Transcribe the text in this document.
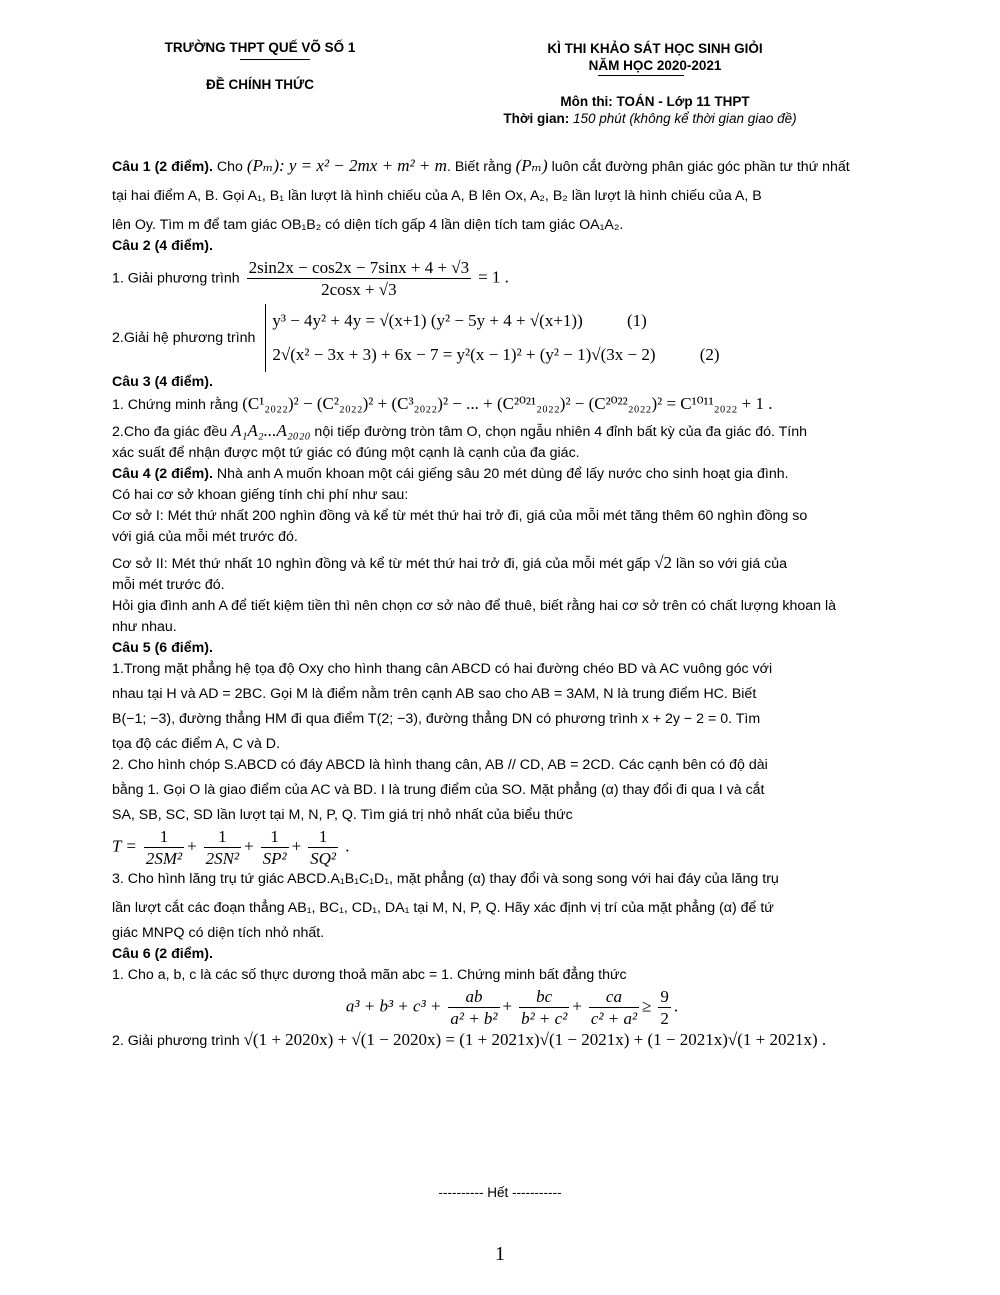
TRƯỜNG THPT QUẾ VÕ SỐ 1
ĐỀ CHÍNH THỨC
KÌ THI KHẢO SÁT HỌC SINH GIỎI
NĂM HỌC 2020-2021
Môn thi: TOÁN - Lớp 11 THPT
Thời gian: 150 phút (không kể thời gian giao đề)
Câu 1 (2 điểm). Cho (Pₘ): y = x² − 2mx + m² + m. Biết rằng (Pₘ) luôn cắt đường phân giác góc phần tư thứ nhất
tại hai điểm A, B. Gọi A₁, B₁ lần lượt là hình chiếu của A, B lên Ox, A₂, B₂ lần lượt là hình chiếu của A, B
lên Oy. Tìm m để tam giác OB₁B₂ có diện tích gấp 4 lần diện tích tam giác OA₁A₂.
Câu 2 (4 điểm).
1. Giải phương trình $\frac{2\sin 2x - \cos 2x - 7\sin x + 4 + √3}{2\cos x + √3} = 1$ .
2.Giải hệ phương trình
y³ − 4y² + 4y = √(x+1) (y² − 5y + 4 + √(x+1))	(1)
2√(x² − 3x + 3) + 6x − 7 = y²(x − 1)² + (y² − 1)√(3x − 2)	(2)
Câu 3 (4 điểm).
1. Chứng minh rằng (C¹₂₀₂₂)² − (C²₂₀₂₂)² + (C³₂₀₂₂)² − ... + (C²⁰²¹₂₀₂₂)² − (C²⁰²²₂₀₂₂)² = C¹⁰¹¹₂₀₂₂ + 1 .
2.Cho đa giác đều A₁A₂...A₂₀₂₀ nội tiếp đường tròn tâm O, chọn ngẫu nhiên 4 đỉnh bất kỳ của đa giác đó. Tính
xác suất để nhận được một tứ giác có đúng một cạnh là cạnh của đa giác.
Câu 4 (2 điểm). Nhà anh A muốn khoan một cái giếng sâu 20 mét dùng để lấy nước cho sinh hoạt gia đình.
Có hai cơ sở khoan giếng tính chi phí như sau:
Cơ sở I: Mét thứ nhất 200 nghìn đồng và kể từ mét thứ hai trở đi, giá của mỗi mét tăng thêm 60 nghìn đồng so
với giá của mỗi mét trước đó.
Cơ sở II: Mét thứ nhất 10 nghìn đồng và kể từ mét thứ hai trở đi, giá của mỗi mét gấp √2 lần so với giá của
mỗi mét trước đó.
Hỏi gia đình anh A để tiết kiệm tiền thì nên chọn cơ sở nào để thuê, biết rằng hai cơ sở trên có chất lượng khoan là
như nhau.
Câu 5 (6 điểm).
1.Trong mặt phẳng hệ tọa độ Oxy cho hình thang cân ABCD có hai đường chéo BD và AC vuông góc với
nhau tại H và AD = 2BC. Gọi M là điểm nằm trên cạnh AB sao cho AB = 3AM, N là trung điểm HC. Biết
B(−1; −3), đường thẳng HM đi qua điểm T(2; −3), đường thẳng DN có phương trình x + 2y − 2 = 0. Tìm
tọa độ các điểm A, C và D.
2. Cho hình chóp S.ABCD có đáy ABCD là hình thang cân, AB // CD, AB = 2CD. Các cạnh bên có độ dài
bằng 1. Gọi O là giao điểm của AC và BD. I là trung điểm của SO. Mặt phẳng (α) thay đổi đi qua I và cắt
SA, SB, SC, SD lần lượt tại M, N, P, Q. Tìm giá trị nhỏ nhất của biểu thức
$T = \frac{1}{\text{2SM²}} + \frac{1}{\text{2SN²}} + \frac{1}{\text{SP²}} + \frac{1}{\text{SQ²}}$ .
3. Cho hình lăng trụ tứ giác ABCD.A₁B₁C₁D₁, mặt phẳng (α) thay đổi và song song với hai đáy của lăng trụ
lần lượt cắt các đoạn thẳng AB₁, BC₁, CD₁, DA₁ tại M, N, P, Q. Hãy xác định vị trí của mặt phẳng (α) để tứ
giác MNPQ có diện tích nhỏ nhất.
Câu 6 (2 điểm).
1. Cho a, b, c là các số thực dương thoả mãn abc = 1. Chứng minh bất đẳng thức
$a^3 + b^3 + c^3 + \frac{ab}{\text{a² + b²}} + \frac{bc}{\text{b² + c²}} + \frac{ca}{\text{c² + a²}} \ge \frac{9}{2}$ .
2. Giải phương trình √(1 + 2020x) + √(1 − 2020x) = (1 + 2021x)√(1 − 2021x) + (1 − 2021x)√(1 + 2021x) .
---------- Hết -----------
1
